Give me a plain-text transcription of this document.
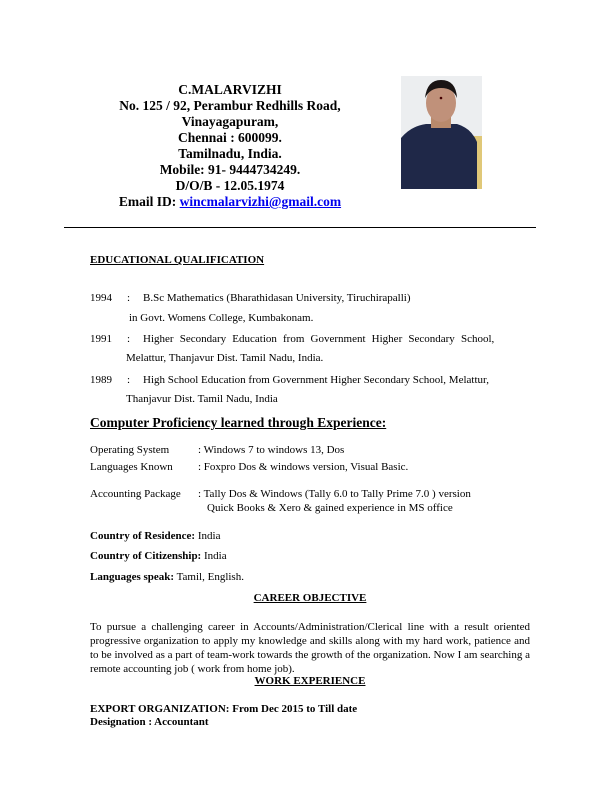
C.MALARVIZHI
No. 125 / 92, Perambur Redhills Road,
Vinayagapuram,
Chennai : 600099.
Tamilnadu, India.
Mobile: 91- 9444734249.
D/O/B - 12.05.1974
Email ID: wincmalarvizhi@gmail.com
EDUCATIONAL QUALIFICATION
1994 : B.Sc Mathematics (Bharathidasan University, Tiruchirapalli)
in Govt. Womens College, Kumbakonam.
1991 : Higher Secondary Education from Government Higher Secondary School,
Melattur, Thanjavur Dist. Tamil Nadu, India.
1989 : High School Education from Government Higher Secondary School, Melattur,
Thanjavur Dist. Tamil Nadu, India
Computer Proficiency learned through Experience:
Operating System	: Windows 7 to windows 13, Dos
Languages Known : Foxpro Dos & windows version, Visual Basic.
Accounting Package : Tally Dos & Windows (Tally 6.0 to Tally Prime 7.0 ) version
Quick Books & Xero & gained experience in MS office
Country of Residence: India
Country of Citizenship: India
Languages speak: Tamil, English.
CAREER OBJECTIVE
To pursue a challenging career in Accounts/Administration/Clerical line with a result oriented progressive organization to apply my knowledge and skills along with my hard work, patience and to be involved as a part of team-work towards the growth of the organization. Now I am searching a remote accounting job ( work from home job).
WORK EXPERIENCE
EXPORT ORGANIZATION: From Dec 2015 to Till date
Designation : Accountant
